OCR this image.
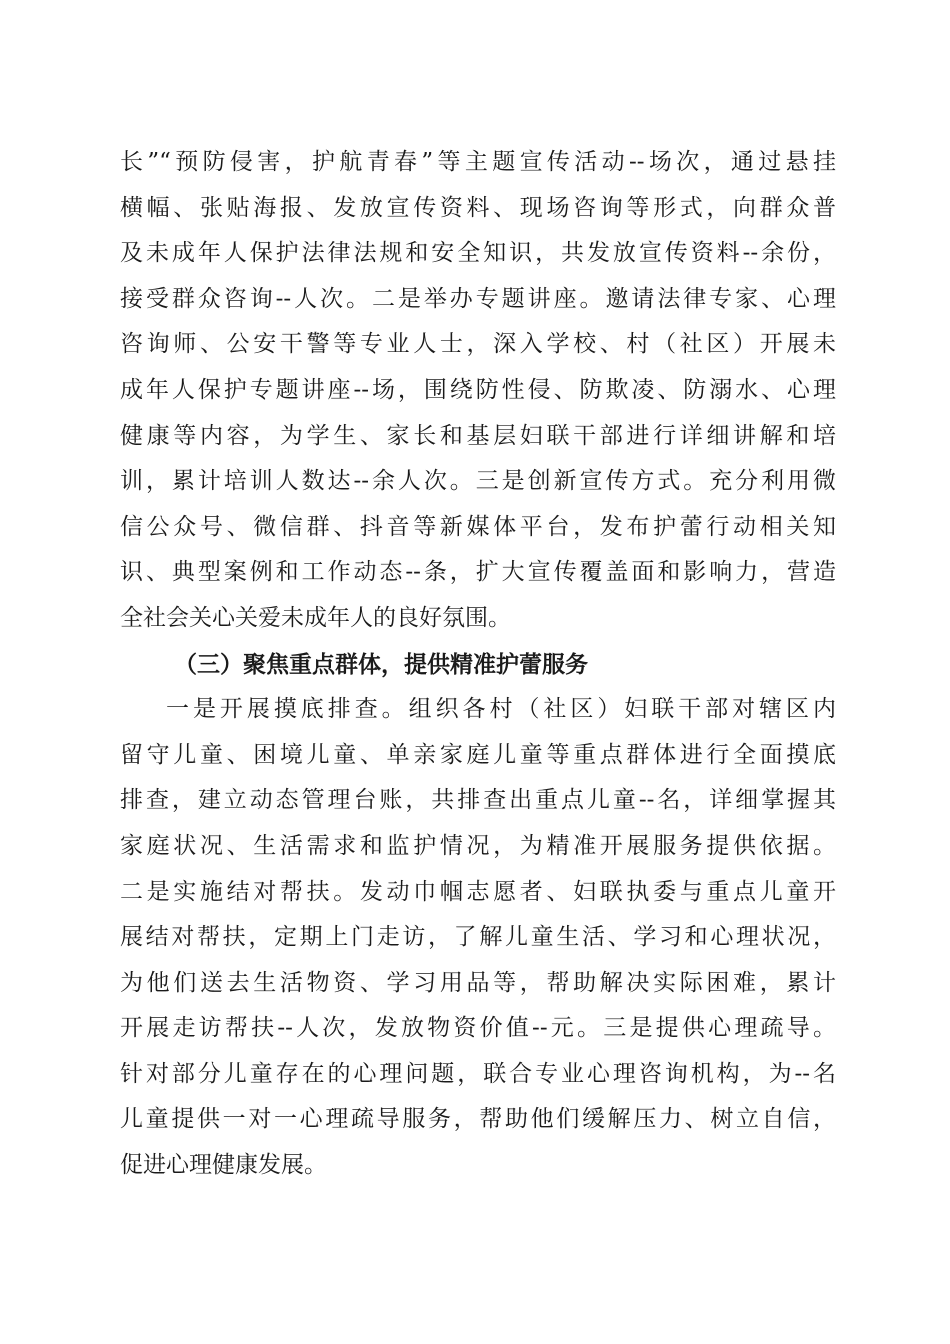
长”“预防侵害，护航青春”等主题宣传活动--场次，通过悬挂
横幅、张贴海报、发放宣传资料、现场咨询等形式，向群众普
及未成年人保护法律法规和安全知识，共发放宣传资料--余份，
接受群众咨询--人次。二是举办专题讲座。邀请法律专家、心理
咨询师、公安干警等专业人士，深入学校、村（社区）开展未
成年人保护专题讲座--场，围绕防性侵、防欺凌、防溺水、心理
健康等内容，为学生、家长和基层妇联干部进行详细讲解和培
训，累计培训人数达--余人次。三是创新宣传方式。充分利用微
信公众号、微信群、抖音等新媒体平台，发布护蕾行动相关知
识、典型案例和工作动态--条，扩大宣传覆盖面和影响力，营造
全社会关心关爱未成年人的良好氛围。
（三）聚焦重点群体，提供精准护蕾服务
一是开展摸底排查。组织各村（社区）妇联干部对辖区内
留守儿童、困境儿童、单亲家庭儿童等重点群体进行全面摸底
排查，建立动态管理台账，共排查出重点儿童--名，详细掌握其
家庭状况、生活需求和监护情况，为精准开展服务提供依据。
二是实施结对帮扶。发动巾帼志愿者、妇联执委与重点儿童开
展结对帮扶，定期上门走访，了解儿童生活、学习和心理状况，
为他们送去生活物资、学习用品等，帮助解决实际困难，累计
开展走访帮扶--人次，发放物资价值--元。三是提供心理疏导。
针对部分儿童存在的心理问题，联合专业心理咨询机构，为--名
儿童提供一对一心理疏导服务，帮助他们缓解压力、树立自信，
促进心理健康发展。
